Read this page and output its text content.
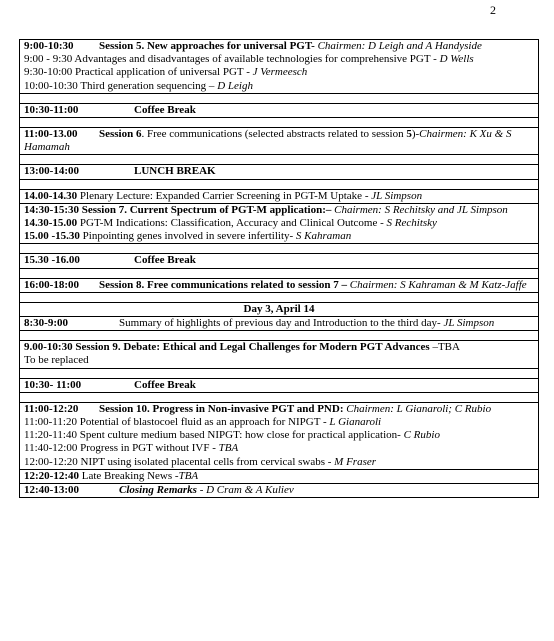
2
9:00-10:30 Session 5. New approaches for universal PGT- Chairmen: D Leigh and A Handyside
9:00 - 9:30 Advantages and disadvantages of available technologies for comprehensive PGT - D Wells
9:30-10:00 Practical application of universal PGT - J Vermeesch
10:00-10:30 Third generation sequencing – D Leigh

10:30-11:00	Coffee Break

11:00-13.00 Session 6. Free communications (selected abstracts related to session 5)-Chairmen: K Xu & S Hamamah

13:00-14:00	LUNCH BREAK

14.00-14.30 Plenary Lecture: Expanded Carrier Screening in PGT-M Uptake - JL Simpson

14:30-15:30 Session 7. Current Spectrum of PGT-M application:– Chairmen: S Rechitsky and JL Simpson
14.30-15.00 PGT-M Indications: Classification, Accuracy and Clinical Outcome - S Rechitsky
15.00 -15.30 Pinpointing genes involved in severe infertility- S Kahraman

15.30 -16.00	Coffee Break

16:00-18:00 Session 8. Free communications related to session 7 – Chairmen: S Kahraman & M Katz-Jaffe

Day 3, April 14
8:30-9:00	Summary of highlights of previous day and Introduction to the third day- JL Simpson

9.00-10:30 Session 9. Debate: Ethical and Legal Challenges for Modern PGT Advances –TBA
To be replaced

10:30- 11:00	Coffee Break

11:00-12:20 Session 10. Progress in Non-invasive PGT and PND: Chairmen: L Gianaroli; C Rubio
11:00-11:20 Potential of blastocoel fluid as an approach for NIPGT - L Gianaroli
11:20-11:40 Spent culture medium based NIPGT: how close for practical application- C Rubio
11:40-12:00 Progress in PGT without IVF - TBA
12:00-12:20 NIPT using isolated placental cells from cervical swabs - M Fraser

12:20-12:40 Late Breaking News -TBA
12:40-13:00	Closing Remarks - D Cram & A Kuliev
